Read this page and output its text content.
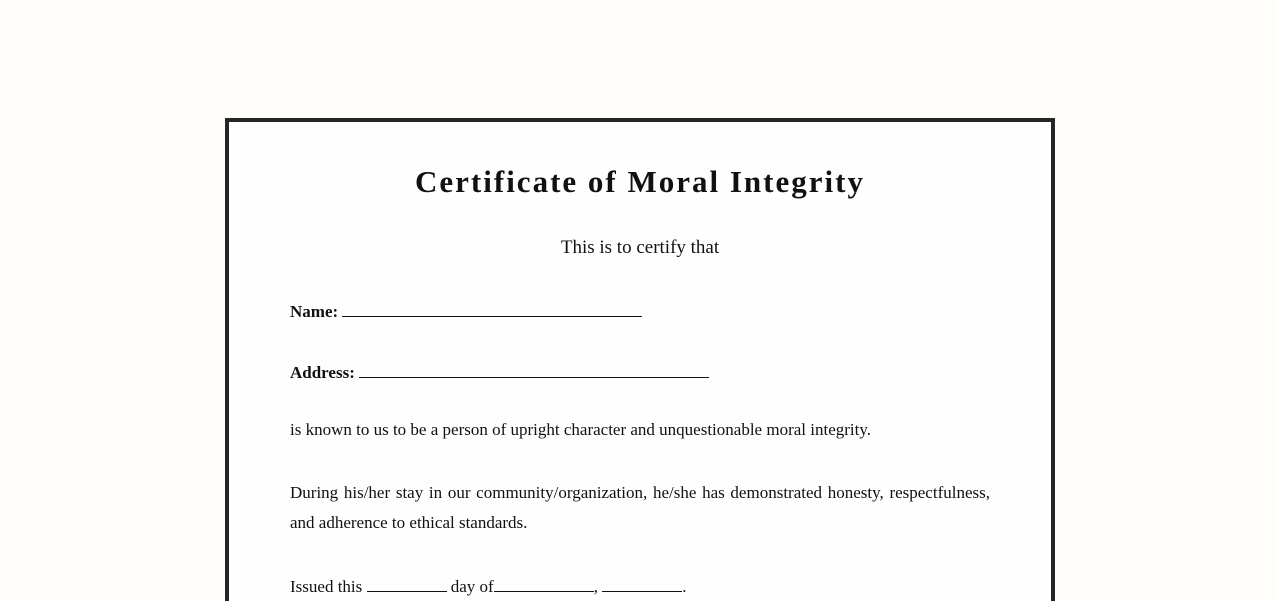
Certificate of Moral Integrity
This is to certify that
Name:
Address:
is known to us to be a person of upright character and unquestionable moral integrity.
During his/her stay in our community/organization, he/she has demonstrated honesty, respectfulness, and adherence to ethical standards.
Issued this	day of	,	.
